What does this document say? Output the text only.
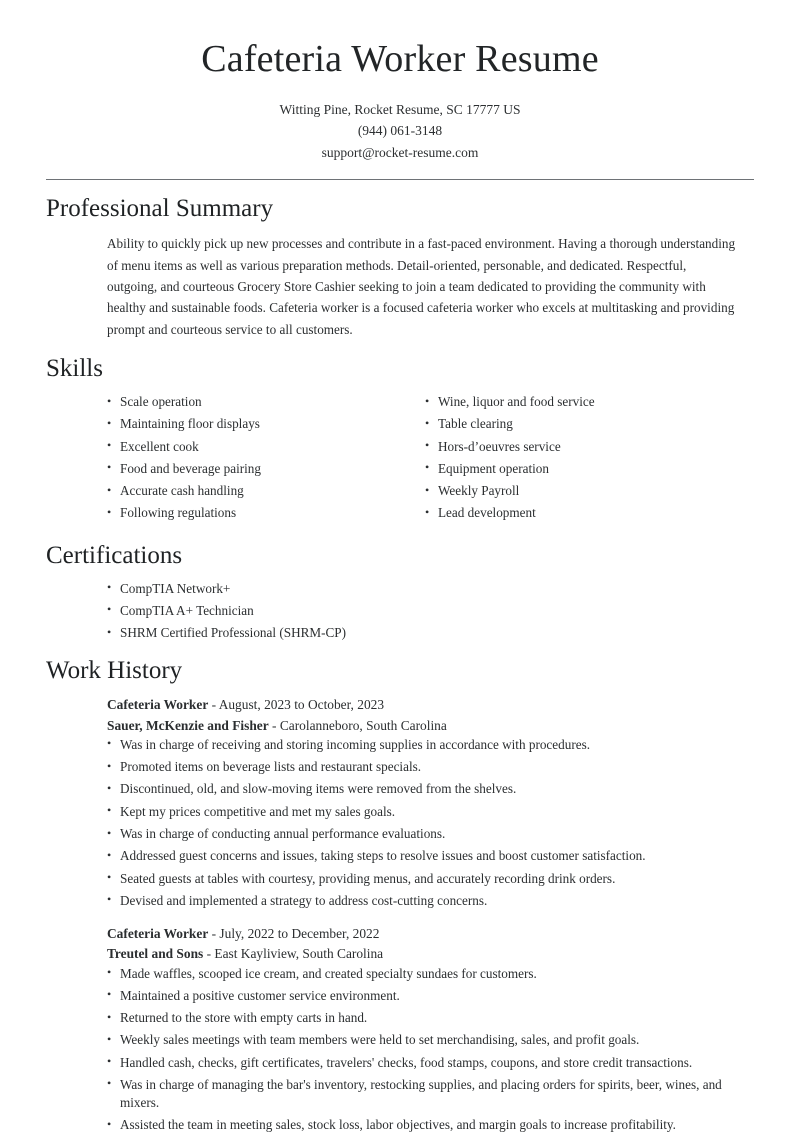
Cafeteria Worker Resume
Witting Pine, Rocket Resume, SC 17777 US
(944) 061-3148
support@rocket-resume.com
Professional Summary

Ability to quickly pick up new processes and contribute in a fast-paced environment. Having a thorough understanding of menu items as well as various preparation methods. Detail-oriented, personable, and dedicated. Respectful, outgoing, and courteous Grocery Store Cashier seeking to join a team dedicated to providing the community with healthy and sustainable foods. Cafeteria worker is a focused cafeteria worker who excels at multitasking and providing prompt and courteous service to all customers.

Skills
• Scale operation
• Maintaining floor displays
• Excellent cook
• Food and beverage pairing
• Accurate cash handling
• Following regulations
• Wine, liquor and food service
• Table clearing
• Hors-d’oeuvres service
• Equipment operation
• Weekly Payroll
• Lead development
Certifications
• CompTIA Network+
• CompTIA A+ Technician
• SHRM Certified Professional (SHRM-CP)
Work History
Cafeteria Worker - August, 2023 to October, 2023
Sauer, McKenzie and Fisher - Carolanneboro, South Carolina
• Was in charge of receiving and storing incoming supplies in accordance with procedures.
• Promoted items on beverage lists and restaurant specials.
• Discontinued, old, and slow-moving items were removed from the shelves.
• Kept my prices competitive and met my sales goals.
• Was in charge of conducting annual performance evaluations.
• Addressed guest concerns and issues, taking steps to resolve issues and boost customer satisfaction.
• Seated guests at tables with courtesy, providing menus, and accurately recording drink orders.
• Devised and implemented a strategy to address cost-cutting concerns.
Cafeteria Worker - July, 2022 to December, 2022
Treutel and Sons - East Kayliview, South Carolina
• Made waffles, scooped ice cream, and created specialty sundaes for customers.
• Maintained a positive customer service environment.
• Returned to the store with empty carts in hand.
• Weekly sales meetings with team members were held to set merchandising, sales, and profit goals.
• Handled cash, checks, gift certificates, travelers' checks, food stamps, coupons, and store credit transactions.
• Was in charge of managing the bar's inventory, restocking supplies, and placing orders for spirits, beer, wines, and mixers.
• Assisted the team in meeting sales, stock loss, labor objectives, and margin goals to increase profitability.
